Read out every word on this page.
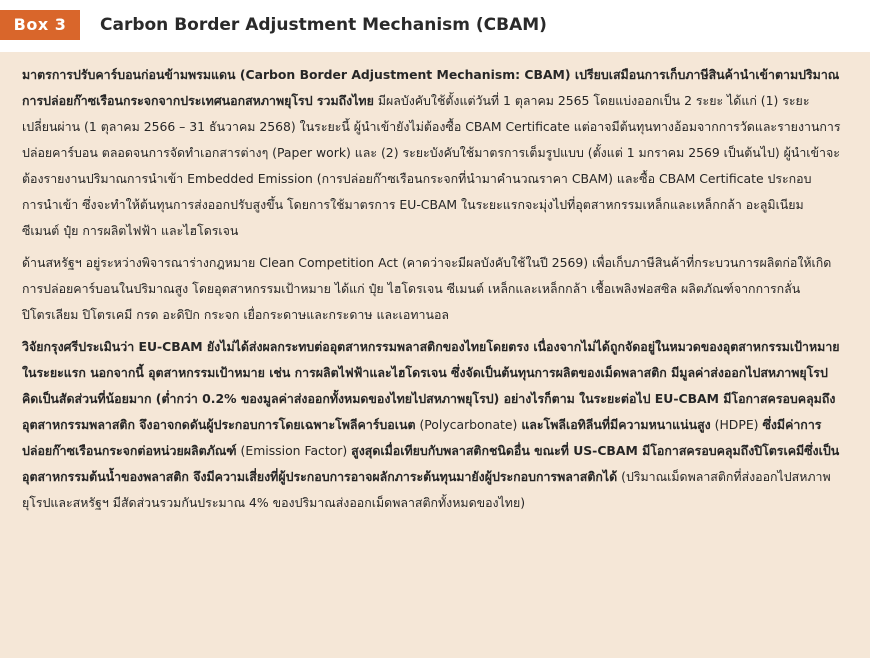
Box 3	Carbon Border Adjustment Mechanism (CBAM)

มาตรการปรับคาร์บอนก่อนข้ามพรมแดน (Carbon Border Adjustment Mechanism: CBAM) เปรียบเสมือนการเก็บภาษีสินค้านำเข้าตามปริมาณการปล่อยก๊าซเรือนกระจกจากประเทศนอกสหภาพยุโรป รวมถึงไทย มีผลบังคับใช้ตั้งแต่วันที่ 1 ตุลาคม 2565 โดยแบ่งออกเป็น 2 ระยะ ได้แก่ (1) ระยะเปลี่ยนผ่าน (1 ตุลาคม 2566 – 31 ธันวาคม 2568) ในระยะนี้ ผู้นำเข้ายังไม่ต้องซื้อ CBAM Certificate แต่อาจมีต้นทุนทางอ้อมจากการวัดและรายงานการปล่อยคาร์บอน ตลอดจนการจัดทำเอกสารต่างๆ (Paper work) และ (2) ระยะบังคับใช้มาตรการเต็มรูปแบบ (ตั้งแต่ 1 มกราคม 2569 เป็นต้นไป) ผู้นำเข้าจะต้องรายงานปริมาณการนำเข้า Embedded Emission (การปล่อยก๊าซเรือนกระจกที่นำมาคำนวณราคา CBAM) และซื้อ CBAM Certificate ประกอบการนำเข้า ซึ่งจะทำให้ต้นทุนการส่งออกปรับสูงขึ้น โดยการใช้มาตรการ EU-CBAM ในระยะแรกจะมุ่งไปที่อุตสาหกรรมเหล็กและเหล็กกล้า อะลูมิเนียม ซีเมนต์ ปุ๋ย การผลิตไฟฟ้า และไฮโดรเจน

ด้านสหรัฐฯ อยู่ระหว่างพิจารณาร่างกฎหมาย Clean Competition Act (คาดว่าจะมีผลบังคับใช้ในปี 2569) เพื่อเก็บภาษีสินค้าที่กระบวนการผลิตก่อให้เกิดการปล่อยคาร์บอนในปริมาณสูง โดยอุตสาหกรรมเป้าหมาย ได้แก่ ปุ๋ย ไฮโดรเจน ซีเมนต์ เหล็กและเหล็กกล้า เชื้อเพลิงฟอสซิล ผลิตภัณฑ์จากการกลั่นปิโตรเลียม ปิโตรเคมี กรด อะดิปิก กระจก เยื่อกระดาษและกระดาษ และเอทานอล

วิจัยกรุงศรีประเมินว่า EU-CBAM ยังไม่ได้ส่งผลกระทบต่ออุตสาหกรรมพลาสติกของไทยโดยตรง เนื่องจากไม่ได้ถูกจัดอยู่ในหมวดของอุตสาหกรรมเป้าหมายในระยะแรก นอกจากนี้ อุตสาหกรรมเป้าหมาย เช่น การผลิตไฟฟ้าและไฮโดรเจน ซึ่งจัดเป็นต้นทุนการผลิตของเม็ดพลาสติก มีมูลค่าส่งออกไปสหภาพยุโรปคิดเป็นสัดส่วนที่น้อยมาก (ต่ำกว่า 0.2% ของมูลค่าส่งออกทั้งหมดของไทยไปสหภาพยุโรป) อย่างไรก็ตาม ในระยะต่อไป EU-CBAM มีโอกาสครอบคลุมถึงอุตสาหกรรมพลาสติก จึงอาจกดดันผู้ประกอบการโดยเฉพาะโพลีคาร์บอเนต (Polycarbonate) และโพลีเอทิลีนที่มีความหนาแน่นสูง (HDPE) ซึ่งมีค่าการปล่อยก๊าซเรือนกระจกต่อหน่วยผลิตภัณฑ์ (Emission Factor) สูงสุดเมื่อเทียบกับพลาสติกชนิดอื่น ขณะที่ US-CBAM มีโอกาสครอบคลุมถึงปิโตรเคมีซึ่งเป็นอุตสาหกรรมต้นน้ำของพลาสติก จึงมีความเสี่ยงที่ผู้ประกอบการอาจผลักภาระต้นทุนมายังผู้ประกอบการพลาสติกได้ (ปริมาณเม็ดพลาสติกที่ส่งออกไปสหภาพยุโรปและสหรัฐฯ มีสัดส่วนรวมกันประมาณ 4% ของปริมาณส่งออกเม็ดพลาสติกทั้งหมดของไทย)
